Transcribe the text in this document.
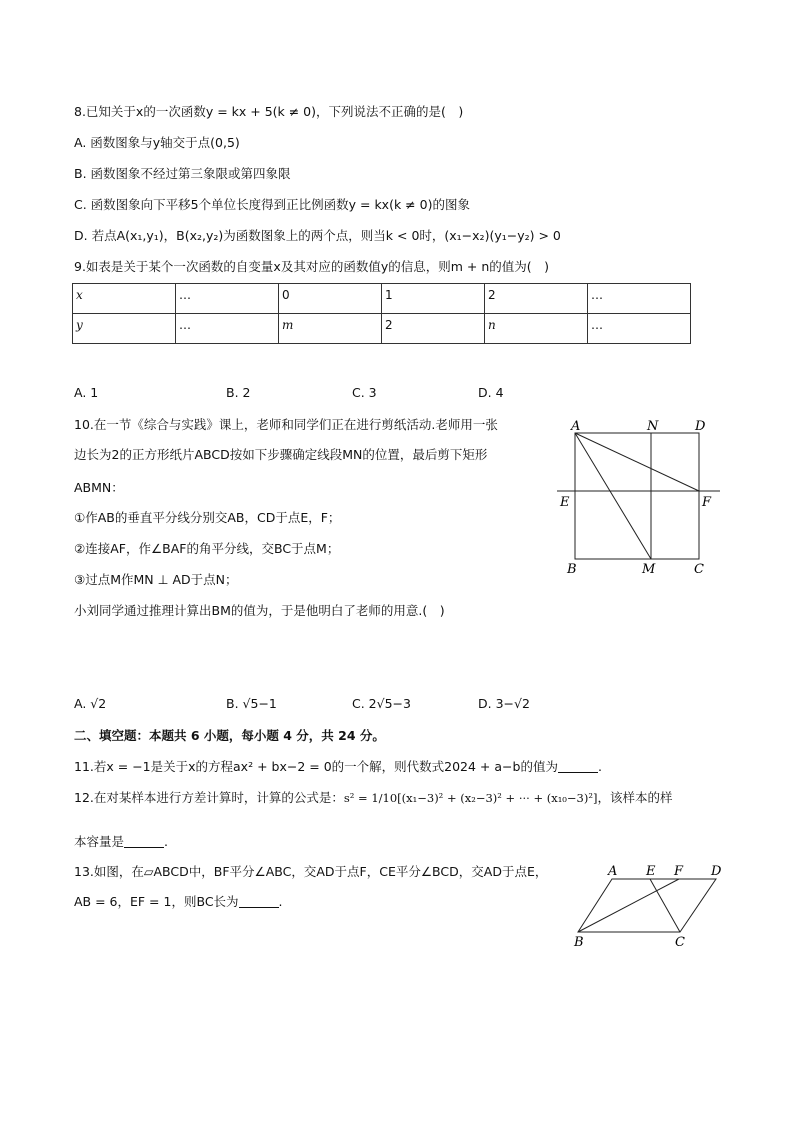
8.已知关于x的一次函数y = kx + 5(k ≠ 0)，下列说法不正确的是(　)
A. 函数图象与y轴交于点(0,5)
B. 函数图象不经过第三象限或第四象限
C. 函数图象向下平移5个单位长度得到正比例函数y = kx(k ≠ 0)的图象
D. 若点A(x₁,y₁)，B(x₂,y₂)为函数图象上的两个点，则当k < 0时，(x₁−x₂)(y₁−y₂) > 0
9.如表是关于某个一次函数的自变量x及其对应的函数值y的信息，则m + n的值为(　)
x	…	0	1	2	…
y	…	m	2	n	…
A. 1	B. 2	C. 3	D. 4
10.在一节《综合与实践》课上，老师和同学们正在进行剪纸活动.老师用一张
边长为2的正方形纸片ABCD按如下步骤确定线段MN的位置，最后剪下矩形
ABMN：
①作AB的垂直平分线分别交AB，CD于点E，F；
②连接AF，作∠BAF的角平分线，交BC于点M；
③过点M作MN ⊥ AD于点N；
小刘同学通过推理计算出BM的值为，于是他明白了老师的用意.(　)
A	N	D
E	F
B	M	C
A. √2	B. √5−1	C. 2√5−3	D. 3−√2
二、填空题：本题共 6 小题，每小题 4 分，共 24 分。
11.若x = −1是关于x的方程ax² + bx−2 = 0的一个解，则代数式2024 + a−b的值为	.
12.在对某样本进行方差计算时，计算的公式是：s² = 1/10[(x₁−3)² + (x₂−3)² + ··· + (x₁₀−3)²]，该样本的样
本容量是	.
13.如图，在▱ABCD中，BF平分∠ABC，交AD于点F，CE平分∠BCD，交AD于点E，
AB = 6，EF = 1，则BC长为	.
A E F D
B	C
